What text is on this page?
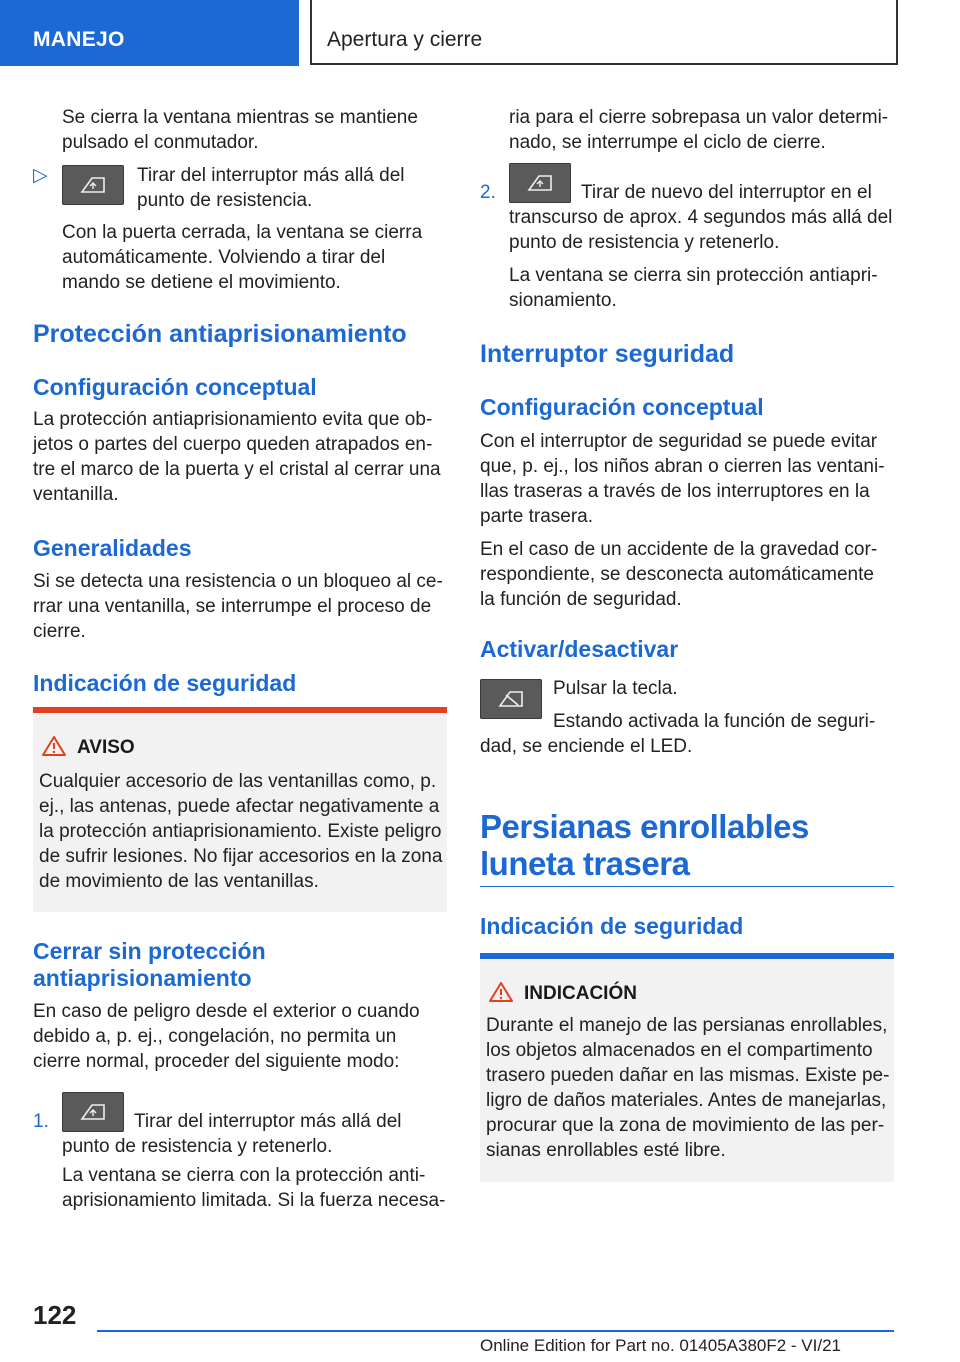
MANEJO	Apertura y cierre

Se cierra la ventana mientras se mantiene pulsado el conmutador.

▷	Tirar del interruptor más allá del punto de resistencia.

Con la puerta cerrada, la ventana se cierra automáticamente. Volviendo a tirar del mando se detiene el movimiento.

Protección antiaprisionamiento
Configuración conceptual

La protección antiaprisionamiento evita que objetos o partes del cuerpo queden atrapados entre el marco de la puerta y el cristal al cerrar una ventanilla.

Generalidades

Si se detecta una resistencia o un bloqueo al cerrar una ventanilla, se interrumpe el proceso de cierre.

Indicación de seguridad
AVISO

Cualquier accesorio de las ventanillas como, p. ej., las antenas, puede afectar negativamente a la protección antiaprisionamiento. Existe peligro de sufrir lesiones. No fijar accesorios en la zona de movimiento de las ventanillas.

Cerrar sin protección antiaprisionamiento

En caso de peligro desde el exterior o cuando debido a, p. ej., congelación, no permita un cierre normal, proceder del siguiente modo:

1.	Tirar del interruptor más allá del punto de resistencia y retenerlo.

La ventana se cierra con la protección antiaprisionamiento limitada. Si la fuerza necesa-

ria para el cierre sobrepasa un valor determinado, se interrumpe el ciclo de cierre.

2.	Tirar de nuevo del interruptor en el transcurso de aprox. 4 segundos más allá del punto de resistencia y retenerlo.

La ventana se cierra sin protección antiaprisionamiento.

Interruptor seguridad
Configuración conceptual

Con el interruptor de seguridad se puede evitar que, p. ej., los niños abran o cierren las ventanillas traseras a través de los interruptores en la parte trasera.

En el caso de un accidente de la gravedad correspondiente, se desconecta automáticamente la función de seguridad.

Activar/desactivar

Pulsar la tecla.

Estando activada la función de seguridad, se enciende el LED.

Persianas enrollables
luneta trasera
Indicación de seguridad
INDICACIÓN

Durante el manejo de las persianas enrollables, los objetos almacenados en el compartimento trasero pueden dañar en las mismas. Existe peligro de daños materiales. Antes de manejarlas, procurar que la zona de movimiento de las persianas enrollables esté libre.

122
Online Edition for Part no. 01405A380F2 - VI/21
